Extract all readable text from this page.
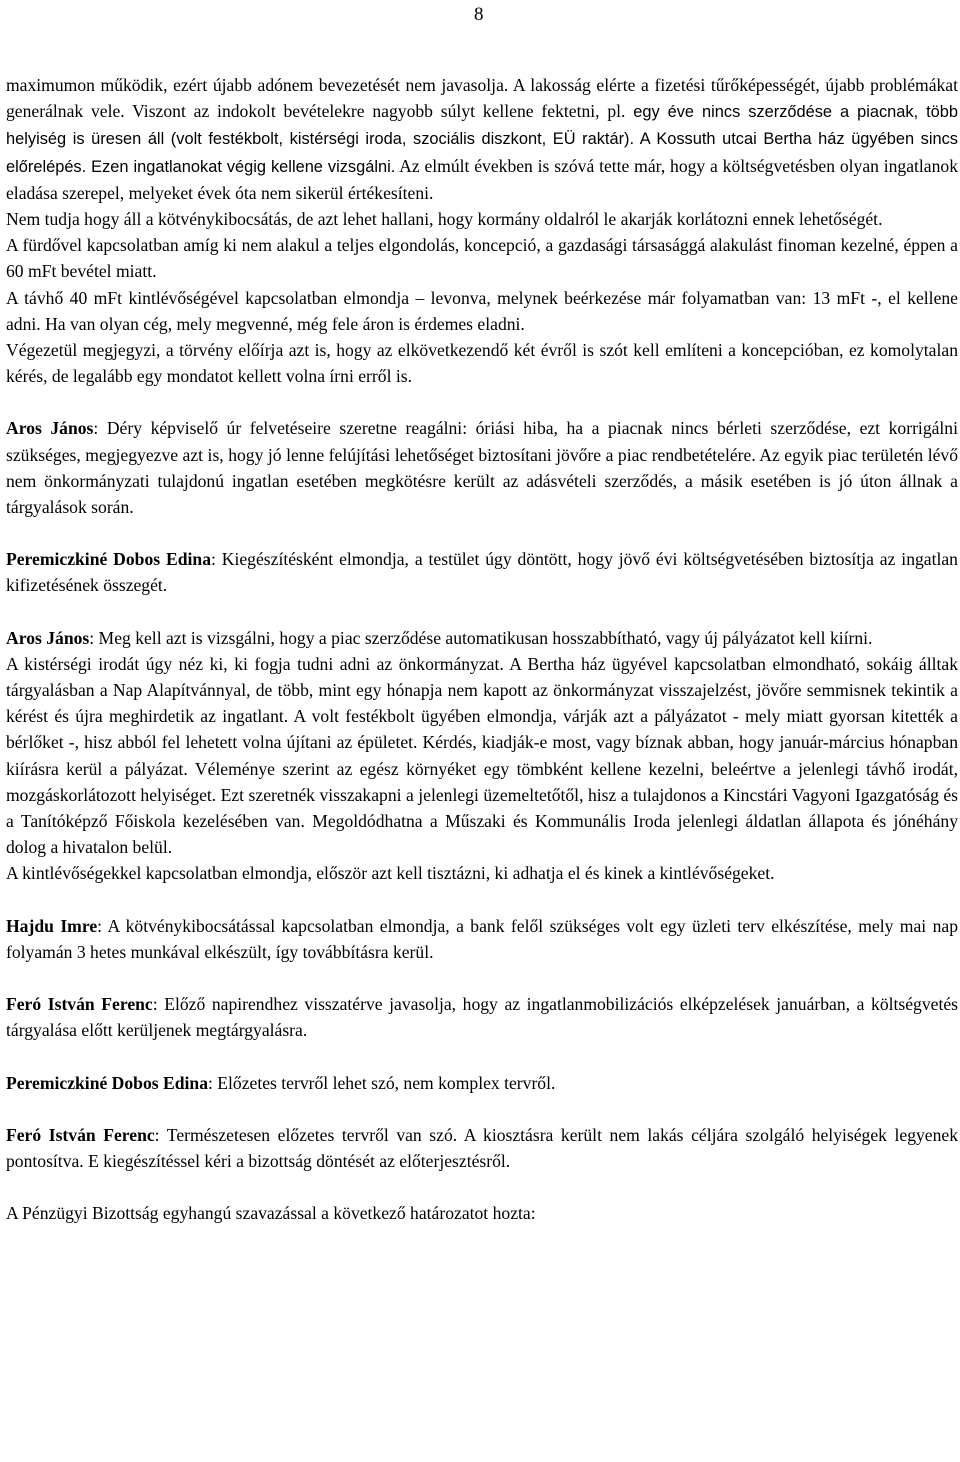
8

maximumon működik, ezért újabb adónem bevezetését nem javasolja. A lakosság elérte a fizetési tűrőképességét, újabb problémákat generálnak vele. Viszont az indokolt bevételekre nagyobb súlyt kellene fektetni, pl. egy éve nincs szerződése a piacnak, több helyiség is üresen áll (volt festékbolt, kistérségi iroda, szociális diszkont, EÜ raktár). A Kossuth utcai Bertha ház ügyében sincs előrelépés. Ezen ingatlanokat végig kellene vizsgálni. Az elmúlt években is szóvá tette már, hogy a költségvetésben olyan ingatlanok eladása szerepel, melyeket évek óta nem sikerül értékesíteni.

Nem tudja hogy áll a kötvénykibocsátás, de azt lehet hallani, hogy kormány oldalról le akarják korlátozni ennek lehetőségét.

A fürdővel kapcsolatban amíg ki nem alakul a teljes elgondolás, koncepció, a gazdasági társasággá alakulást finoman kezelné, éppen a 60 mFt bevétel miatt.

A távhő 40 mFt kintlévőségével kapcsolatban elmondja – levonva, melynek beérkezése már folyamatban van: 13 mFt -, el kellene adni. Ha van olyan cég, mely megvenné, még fele áron is érdemes eladni.

Végezetül megjegyzi, a törvény előírja azt is, hogy az elkövetkezendő két évről is szót kell említeni a koncepcióban, ez komolytalan kérés, de legalább egy mondatot kellett volna írni erről is.

Aros János: Déry képviselő úr felvetéseire szeretne reagálni: óriási hiba, ha a piacnak nincs bérleti szerződése, ezt korrigálni szükséges, megjegyezve azt is, hogy jó lenne felújítási lehetőséget biztosítani jövőre a piac rendbetételére. Az egyik piac területén lévő nem önkormányzati tulajdonú ingatlan esetében megkötésre került az adásvételi szerződés, a másik esetében is jó úton állnak a tárgyalások során.

Peremiczkiné Dobos Edina: Kiegészítésként elmondja, a testület úgy döntött, hogy jövő évi költségvetésében biztosítja az ingatlan kifizetésének összegét.

Aros János: Meg kell azt is vizsgálni, hogy a piac szerződése automatikusan hosszabbítható, vagy új pályázatot kell kiírni.

A kistérségi irodát úgy néz ki, ki fogja tudni adni az önkormányzat. A Bertha ház ügyével kapcsolatban elmondható, sokáig álltak tárgyalásban a Nap Alapítvánnyal, de több, mint egy hónapja nem kapott az önkormányzat visszajelzést, jövőre semmisnek tekintik a kérést és újra meghirdetik az ingatlant. A volt festékbolt ügyében elmondja, várják azt a pályázatot - mely miatt gyorsan kitették a bérlőket -, hisz abból fel lehetett volna újítani az épületet. Kérdés, kiadják-e most, vagy bíznak abban, hogy január-március hónapban kiírásra kerül a pályázat. Véleménye szerint az egész környéket egy tömbként kellene kezelni, beleértve a jelenlegi távhő irodát, mozgáskorlátozott helyiséget. Ezt szeretnék visszakapni a jelenlegi üzemeltetőtől, hisz a tulajdonos a Kincstári Vagyoni Igazgatóság és a Tanítóképző Főiskola kezelésében van. Megoldódhatna a Műszaki és Kommunális Iroda jelenlegi áldatlan állapota és jónéhány dolog a hivatalon belül.

A kintlévőségekkel kapcsolatban elmondja, először azt kell tisztázni, ki adhatja el és kinek a kintlévőségeket.

Hajdu Imre: A kötvénykibocsátással kapcsolatban elmondja, a bank felől szükséges volt egy üzleti terv elkészítése, mely mai nap folyamán 3 hetes munkával elkészült, így továbbításra kerül.

Feró István Ferenc: Előző napirendhez visszatérve javasolja, hogy az ingatlanmobilizációs elképzelések januárban, a költségvetés tárgyalása előtt kerüljenek megtárgyalásra.

Peremiczkiné Dobos Edina: Előzetes tervről lehet szó, nem komplex tervről.

Feró István Ferenc: Természetesen előzetes tervről van szó. A kiosztásra került nem lakás céljára szolgáló helyiségek legyenek pontosítva. E kiegészítéssel kéri a bizottság döntését az előterjesztésről.

A Pénzügyi Bizottság egyhangú szavazással a következő határozatot hozta:
